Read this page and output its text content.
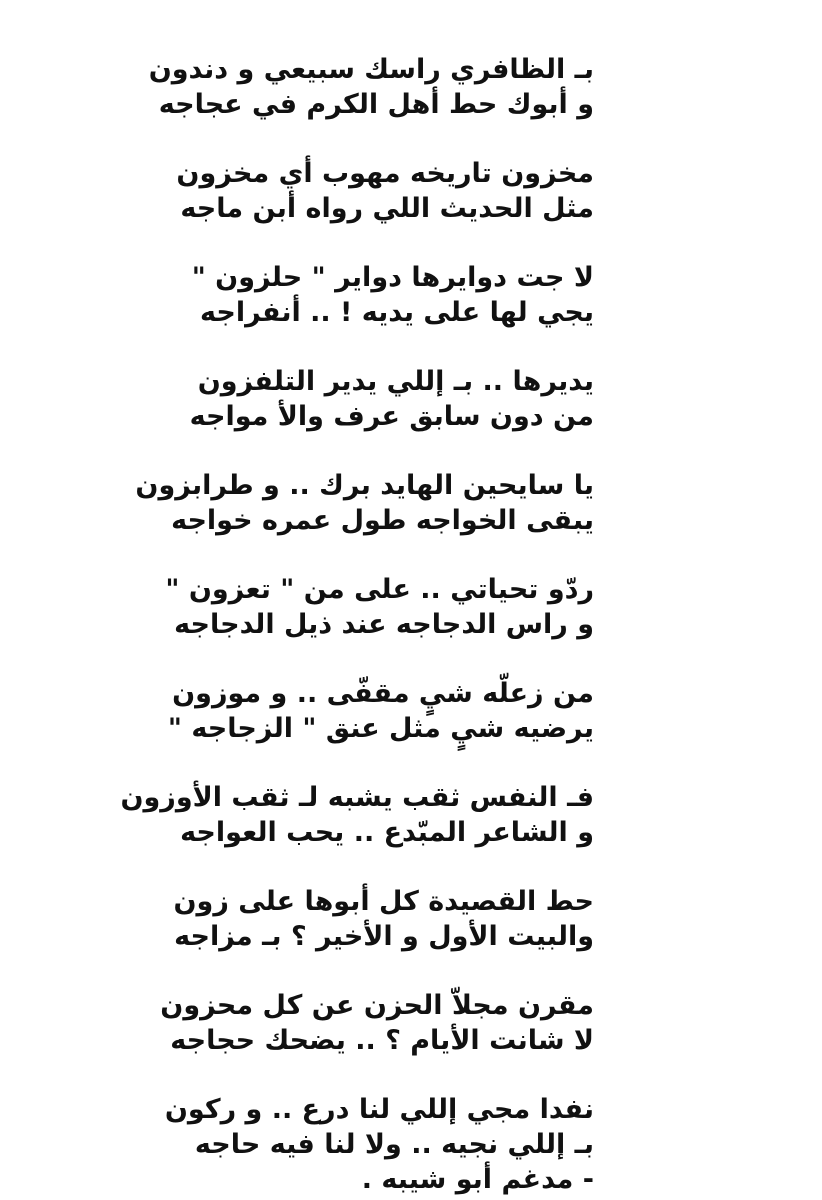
بـ الظافري راسك سبيعي و دندون
و أبوك حط أهل الكرم في عجاجه
مخزون تاريخه مهوب أي مخزون
مثل الحديث اللي رواه أبن ماجه
لا جت دوايرها دواير " حلزون "
يجي لها على يديه ! .. أنفراجه
يديرها .. بـ إللي يدير التلفزون
من دون سابق عرف والأ مواجه
يا سايحين الهايد برك .. و طرابزون
يبقى الخواجه طول عمره خواجه
ردّو تحياتي .. على من " تعزون "
و راس الدجاجه عند ذيل الدجاجه
من زعلّه شيٍ مقفّى .. و موزون
يرضيه شيٍ مثل عنق " الزجاجه "
فـ النفس ثقب يشبه لـ ثقب الأوزون
و الشاعر المبّدع .. يحب العواجه
حط القصيدة كل أبوها على زون
والبيت الأول و الأخير ؟ بـ مزاجه
مقرن مجلاّ الحزن عن كل محزون
لا شانت الأيام ؟ .. يضحك حجاجه
نفدا مجي إللي لنا درع .. و ركون
بـ إللي نجيه .. ولا لنا فيه حاجه
- مدغم أبو شيبه .
